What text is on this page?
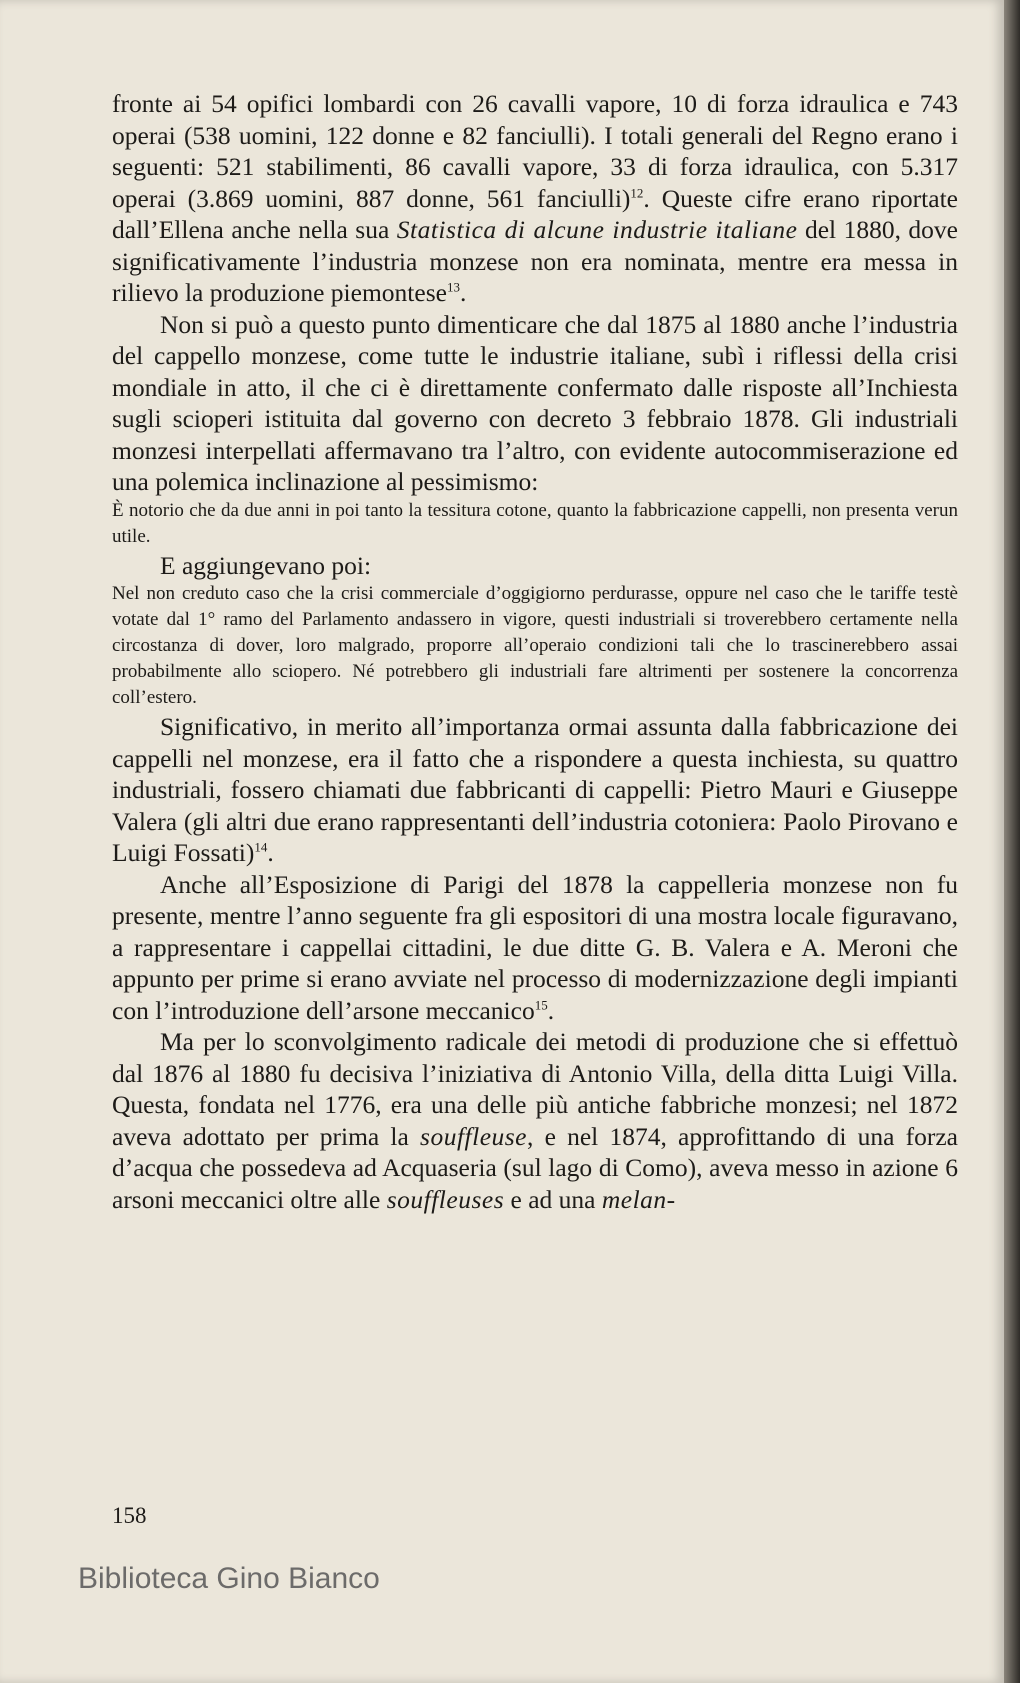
fronte ai 54 opifici lombardi con 26 cavalli vapore, 10 di forza idraulica e 743 operai (538 uomini, 122 donne e 82 fanciulli). I totali generali del Regno erano i seguenti: 521 stabilimenti, 86 cavalli vapore, 33 di forza idraulica, con 5.317 operai (3.869 uomini, 887 donne, 561 fanciulli)$^{12}$. Queste cifre erano riportate dall’Ellena anche nella sua Statistica di alcune industrie italiane del 1880, dove significativamente l’industria monzese non era nominata, mentre era messa in rilievo la produzione piemontese$^{13}$.

Non si può a questo punto dimenticare che dal 1875 al 1880 anche l’industria del cappello monzese, come tutte le industrie italiane, subì i riflessi della crisi mondiale in atto, il che ci è direttamente confermato dalle risposte all’Inchiesta sugli scioperi istituita dal governo con decreto 3 febbraio 1878. Gli industriali monzesi interpellati affermavano tra l’altro, con evidente autocommiserazione ed una polemica inclinazione al pessimismo:

È notorio che da due anni in poi tanto la tessitura cotone, quanto la fabbricazione cappelli, non presenta verun utile.

E aggiungevano poi:

Nel non creduto caso che la crisi commerciale d’oggigiorno perdurasse, oppure nel caso che le tariffe testè votate dal 1° ramo del Parlamento andassero in vigore, questi industriali si troverebbero certamente nella circostanza di dover, loro malgrado, proporre all’operaio condizioni tali che lo trascinerebbero assai probabilmente allo sciopero. Né potrebbero gli industriali fare altrimenti per sostenere la concorrenza coll’estero.

Significativo, in merito all’importanza ormai assunta dalla fabbricazione dei cappelli nel monzese, era il fatto che a rispondere a questa inchiesta, su quattro industriali, fossero chiamati due fabbricanti di cappelli: Pietro Mauri e Giuseppe Valera (gli altri due erano rappresentanti dell’industria cotoniera: Paolo Pirovano e Luigi Fossati)$^{14}$.

Anche all’Esposizione di Parigi del 1878 la cappelleria monzese non fu presente, mentre l’anno seguente fra gli espositori di una mostra locale figuravano, a rappresentare i cappellai cittadini, le due ditte G. B. Valera e A. Meroni che appunto per prime si erano avviate nel processo di modernizzazione degli impianti con l’introduzione dell’arsone meccanico$^{15}$.

Ma per lo sconvolgimento radicale dei metodi di produzione che si effettuò dal 1876 al 1880 fu decisiva l’iniziativa di Antonio Villa, della ditta Luigi Villa. Questa, fondata nel 1776, era una delle più antiche fabbriche monzesi; nel 1872 aveva adottato per prima la souffleuse, e nel 1874, approfittando di una forza d’acqua che possedeva ad Acquaseria (sul lago di Como), aveva messo in azione 6 arsoni meccanici oltre alle souffleuses e ad una melan-

158
Biblioteca Gino Bianco
